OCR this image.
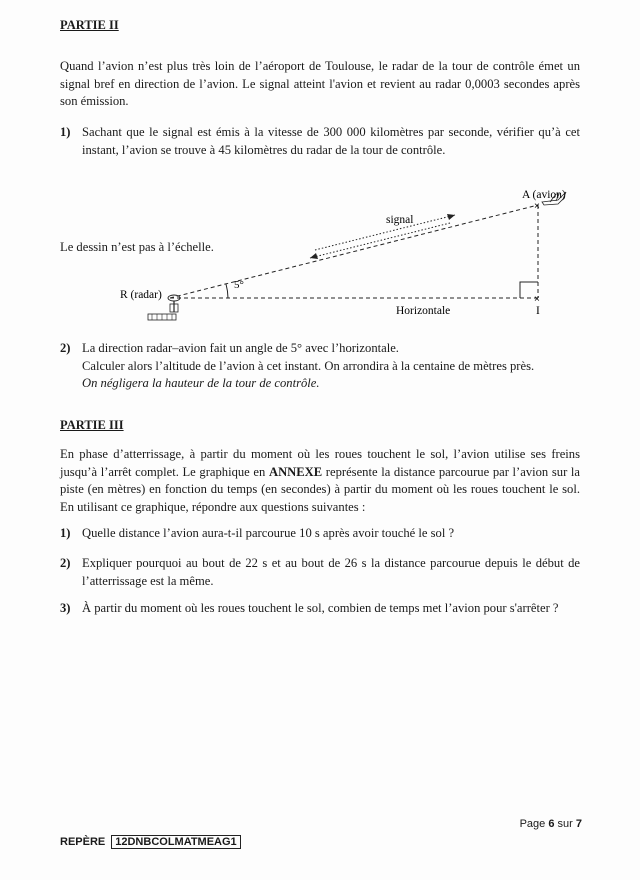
PARTIE II

Quand l’avion n’est plus très loin de l’aéroport de Toulouse, le radar de la tour de contrôle émet un signal bref en direction de l’avion. Le signal atteint l'avion et revient au radar 0,0003 secondes après son émission.

1) Sachant que le signal est émis à la vitesse de 300 000 kilomètres par seconde, vérifier qu’à cet instant, l’avion se trouve à 45 kilomètres du radar de la tour de contrôle.
Le dessin n’est pas à l’échelle.
5°
signal
×
A (avion)
×
I
Horizontale
R (radar)
2) La direction radar–avion fait un angle de 5° avec l’horizontale.
Calculer alors l’altitude de l’avion à cet instant. On arrondira à la centaine de mètres près.
On négligera la hauteur de la tour de contrôle.
PARTIE III

En phase d’atterrissage, à partir du moment où les roues touchent le sol, l’avion utilise ses freins jusqu’à l’arrêt complet. Le graphique en ANNEXE représente la distance parcourue par l’avion sur la piste (en mètres) en fonction du temps (en secondes) à partir du moment où les roues touchent le sol. En utilisant ce graphique, répondre aux questions suivantes :

1) Quelle distance l’avion aura-t-il parcourue 10 s après avoir touché le sol ?
2) Expliquer pourquoi au bout de 22 s et au bout de 26 s la distance parcourue depuis le début de l’atterrissage est la même.
3) À partir du moment où les roues touchent le sol, combien de temps met l’avion pour s'arrêter ?
Page 6 sur 7
REPÈRE 12DNBCOLMATMEAG1
